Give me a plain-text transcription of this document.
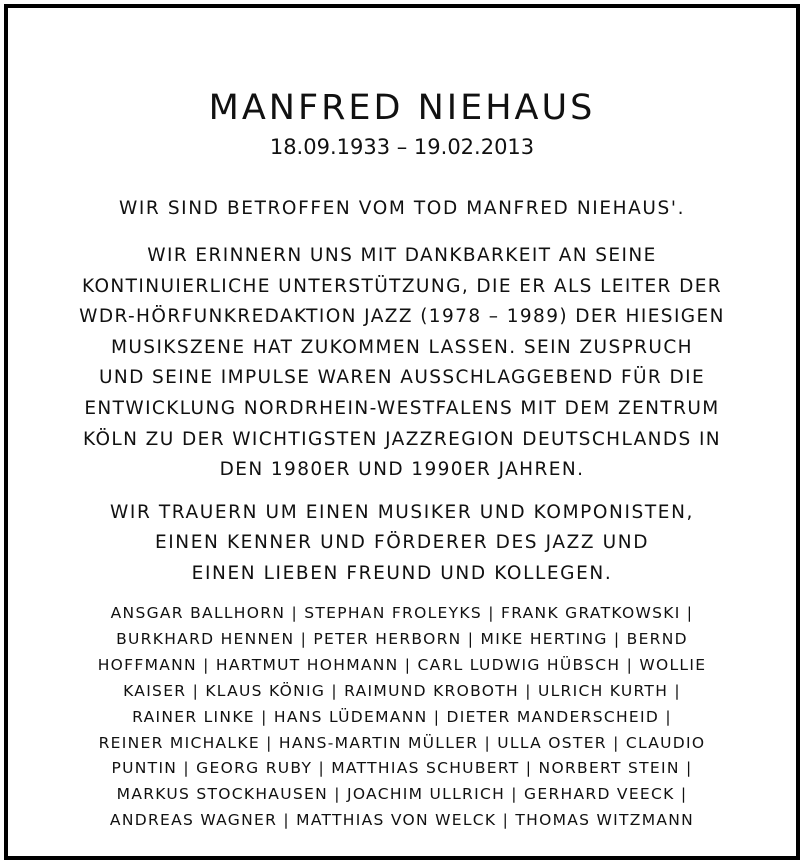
MANFRED NIEHAUS
18.09.1933 – 19.02.2013
WIR SIND BETROFFEN VOM TOD MANFRED NIEHAUS'.
WIR ERINNERN UNS MIT DANKBARKEIT AN SEINE
KONTINUIERLICHE UNTERSTÜTZUNG, DIE ER ALS LEITER DER
WDR-HÖRFUNKREDAKTION JAZZ (1978 – 1989) DER HIESIGEN
MUSIKSZENE HAT ZUKOMMEN LASSEN. SEIN ZUSPRUCH
UND SEINE IMPULSE WAREN AUSSCHLAGGEBEND FÜR DIE
ENTWICKLUNG NORDRHEIN-WESTFALENS MIT DEM ZENTRUM
KÖLN ZU DER WICHTIGSTEN JAZZREGION DEUTSCHLANDS IN
DEN 1980ER UND 1990ER JAHREN.
WIR TRAUERN UM EINEN MUSIKER UND KOMPONISTEN,
EINEN KENNER UND FÖRDERER DES JAZZ UND
EINEN LIEBEN FREUND UND KOLLEGEN.
ANSGAR BALLHORN | STEPHAN FROLEYKS | FRANK GRATKOWSKI |
BURKHARD HENNEN | PETER HERBORN | MIKE HERTING | BERND
HOFFMANN | HARTMUT HOHMANN | CARL LUDWIG HÜBSCH | WOLLIE
KAISER | KLAUS KÖNIG | RAIMUND KROBOTH | ULRICH KURTH |
RAINER LINKE | HANS LÜDEMANN | DIETER MANDERSCHEID |
REINER MICHALKE | HANS-MARTIN MÜLLER | ULLA OSTER | CLAUDIO
PUNTIN | GEORG RUBY | MATTHIAS SCHUBERT | NORBERT STEIN |
MARKUS STOCKHAUSEN | JOACHIM ULLRICH | GERHARD VEECK |
ANDREAS WAGNER | MATTHIAS VON WELCK | THOMAS WITZMANN
